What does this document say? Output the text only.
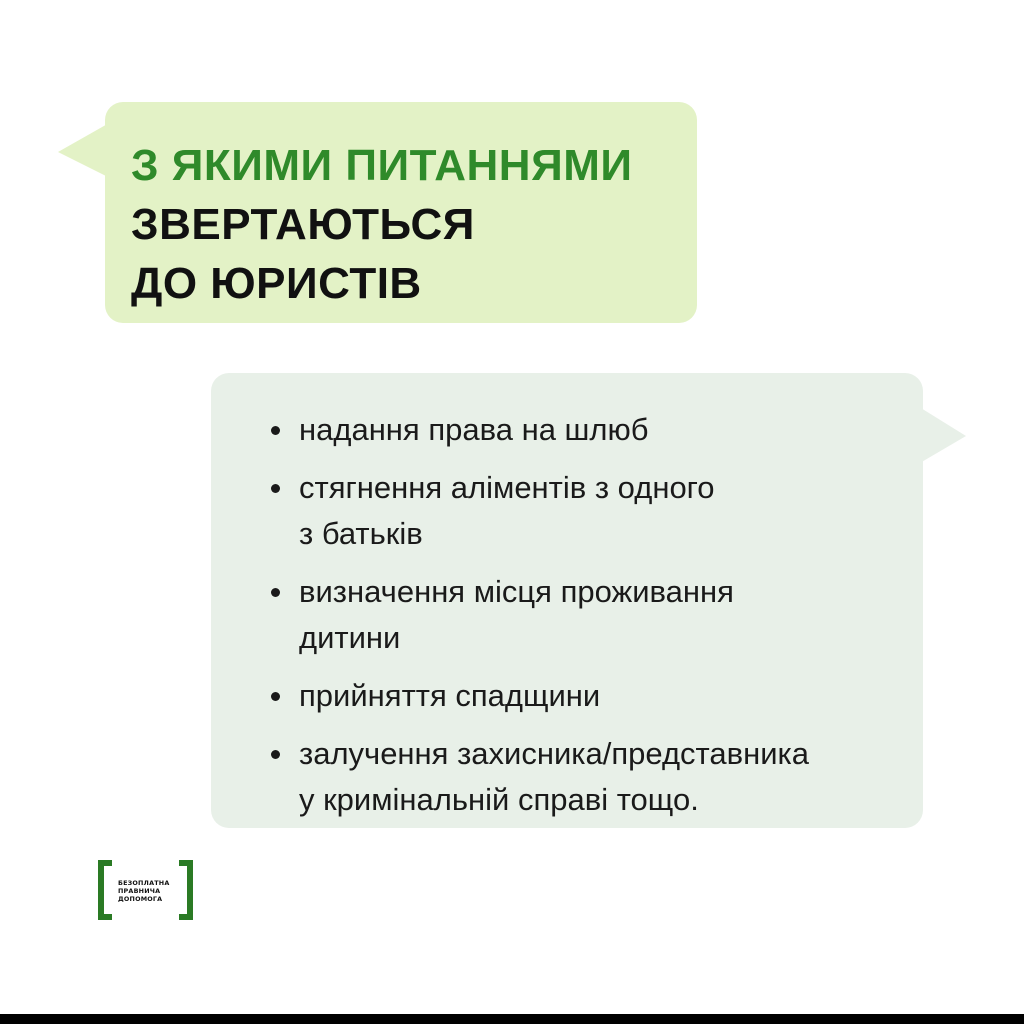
З ЯКИМИ ПИТАННЯМИ

ЗВЕРТАЮТЬСЯ

ДО ЮРИСТІВ

надання права на шлюб
стягнення аліментів з одного
з батьків
визначення місця проживання
дитини
прийняття спадщини
залучення захисника/представника
у кримінальній справі тощо.
БЕЗОПЛАТНА
ПРАВНИЧА
ДОПОМОГА
